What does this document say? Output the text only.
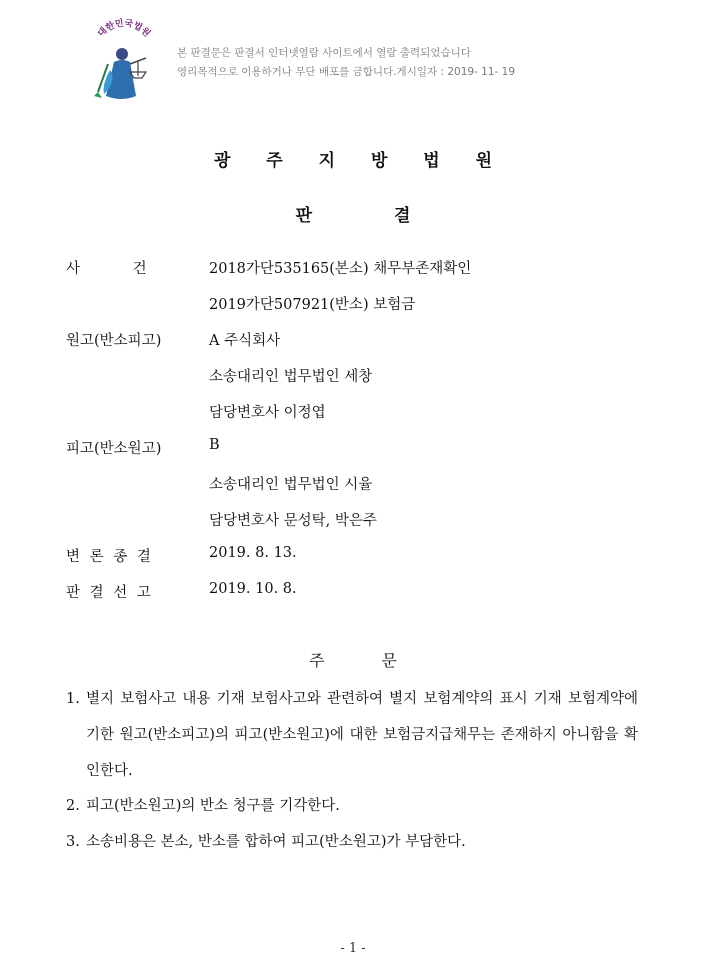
대한민국법원
본 판결문은 판결서 인터넷열람 사이트에서 열람 출력되었습니다
영리목적으로 이용하거나 무단 배포를 금합니다.게시일자 : 2019- 11- 19
광 주 지 방 법 원
판 결
사 건	2018가단535165(본소) 채무부존재확인
2019가단507921(반소) 보험금
원고(반소피고)	A 주식회사
소송대리인 법무법인 세창
담당변호사 이정엽
피고(반소원고)	B
소송대리인 법무법인 시율
담당변호사 문성탁, 박은주
변 론 종 결	2019. 8. 13.
판 결 선 고	2019. 10. 8.
주 문
1. 별지 보험사고 내용 기재 보험사고와 관련하여 별지 보험계약의 표시 기재 보험계약에 기한 원고(반소피고)의 피고(반소원고)에 대한 보험금지급채무는 존재하지 아니함을 확인한다.
2. 피고(반소원고)의 반소 청구를 기각한다.
3. 소송비용은 본소, 반소를 합하여 피고(반소원고)가 부담한다.
- 1 -
